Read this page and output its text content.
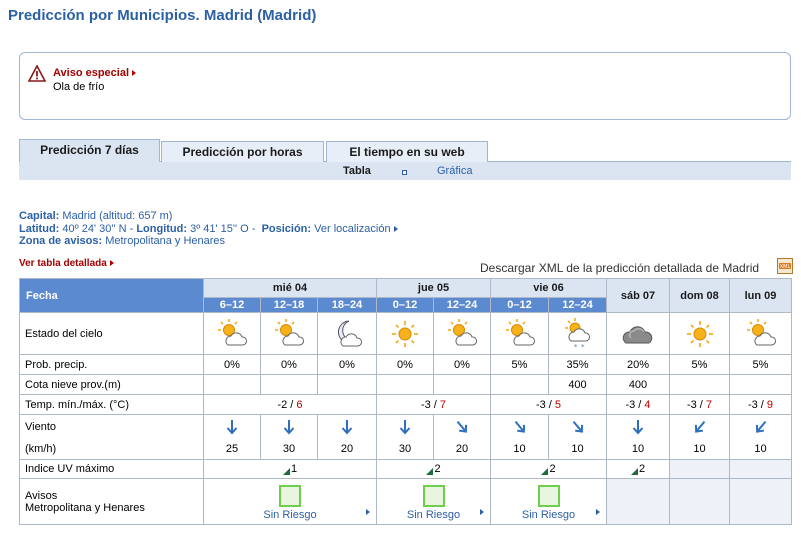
Predicción por Municipios. Madrid (Madrid)
Aviso especial
Ola de frío
Predicción 7 días	Predicción por horas	El tiempo en su web
Tabla	Gráfica
Capital: Madrid (altitud: 657 m)
Latitud: 40º 24' 30'' N - Longitud: 3º 41' 15'' O - Posición: Ver localización
Zona de avisos: Metropolitana y Henares
Ver tabla detallada	Descargar XML de la predicción detallada de Madrid	XML
Fecha	mié 04			jue 05		vie 06		sáb 07	dom 08	lun 09
	6–12	12–18	18–24	0–12	12–24	0–12	12–24			
Estado del cielo							* *

Prob. precip.	0%	0%	0%	0%	0%	5%	35%	20%	5%	5%
Cota nieve prov.(m)							400	400		
Temp. mín./máx. (°C)	-2 / 6			-3 / 7		-3 / 5		-3 / 4	-3 / 7	-3 / 9
Viento	

(km/h)	25	30	20	30	20	10	10	10	10	10
Indice UV máximo	1			2		2		2		

Avisos
Metropolitana y Henares	Sin Riesgo			Sin Riesgo		Sin Riesgo				
